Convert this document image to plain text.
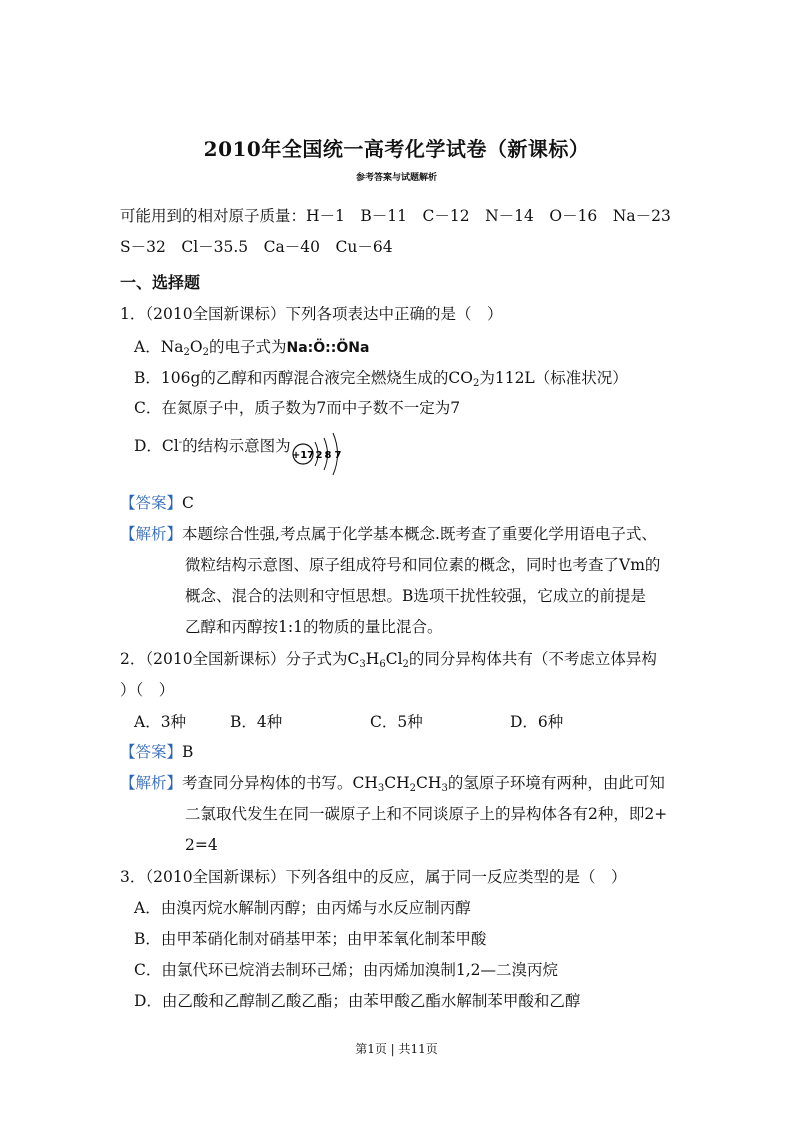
2010年全国统一高考化学试卷（新课标）
参考答案与试题解析
可能用到的相对原子质量：H－1　B－11　C－12　N－14　O－16　Na－23
S－32　Cl－35.5　Ca－40　Cu－64
一、选择题
1．（2010全国新课标）下列各项表达中正确的是（　）
A．$Na_2O_2$的电子式为Na:Ö::ÖNa
B．106g的乙醇和丙醇混合液完全燃烧生成的$CO_2$为112L（标准状况）
C．在氮原子中，质子数为7而中子数不一定为7
D．Cl-的结构示意图为
+17 2 8 7
【答案】C
【解析】本题综合性强,考点属于化学基本概念.既考查了重要化学用语电子式、
微粒结构示意图、原子组成符号和同位素的概念，同时也考查了Vm的
概念、混合的法则和守恒思想。B选项干扰性较强，它成立的前提是
乙醇和丙醇按1:1的物质的量比混合。
2．（2010全国新课标）分子式为$C_3H_6Cl_2$的同分异构体共有（不考虑立体异构
）（　）
A．3种	B．4种	C．5种	D．6种
【答案】B
【解析】考查同分异构体的书写。$CH_3CH_2CH_3$的氢原子环境有两种，由此可知
二氯取代发生在同一碳原子上和不同谈原子上的异构体各有2种，即2+
2=4
3．（2010全国新课标）下列各组中的反应，属于同一反应类型的是（　）
A．由溴丙烷水解制丙醇；由丙烯与水反应制丙醇
B．由甲苯硝化制对硝基甲苯；由甲苯氧化制苯甲酸
C．由氯代环已烷消去制环己烯；由丙烯加溴制1,2—二溴丙烷
D．由乙酸和乙醇制乙酸乙酯；由苯甲酸乙酯水解制苯甲酸和乙醇
第1页 | 共11页
